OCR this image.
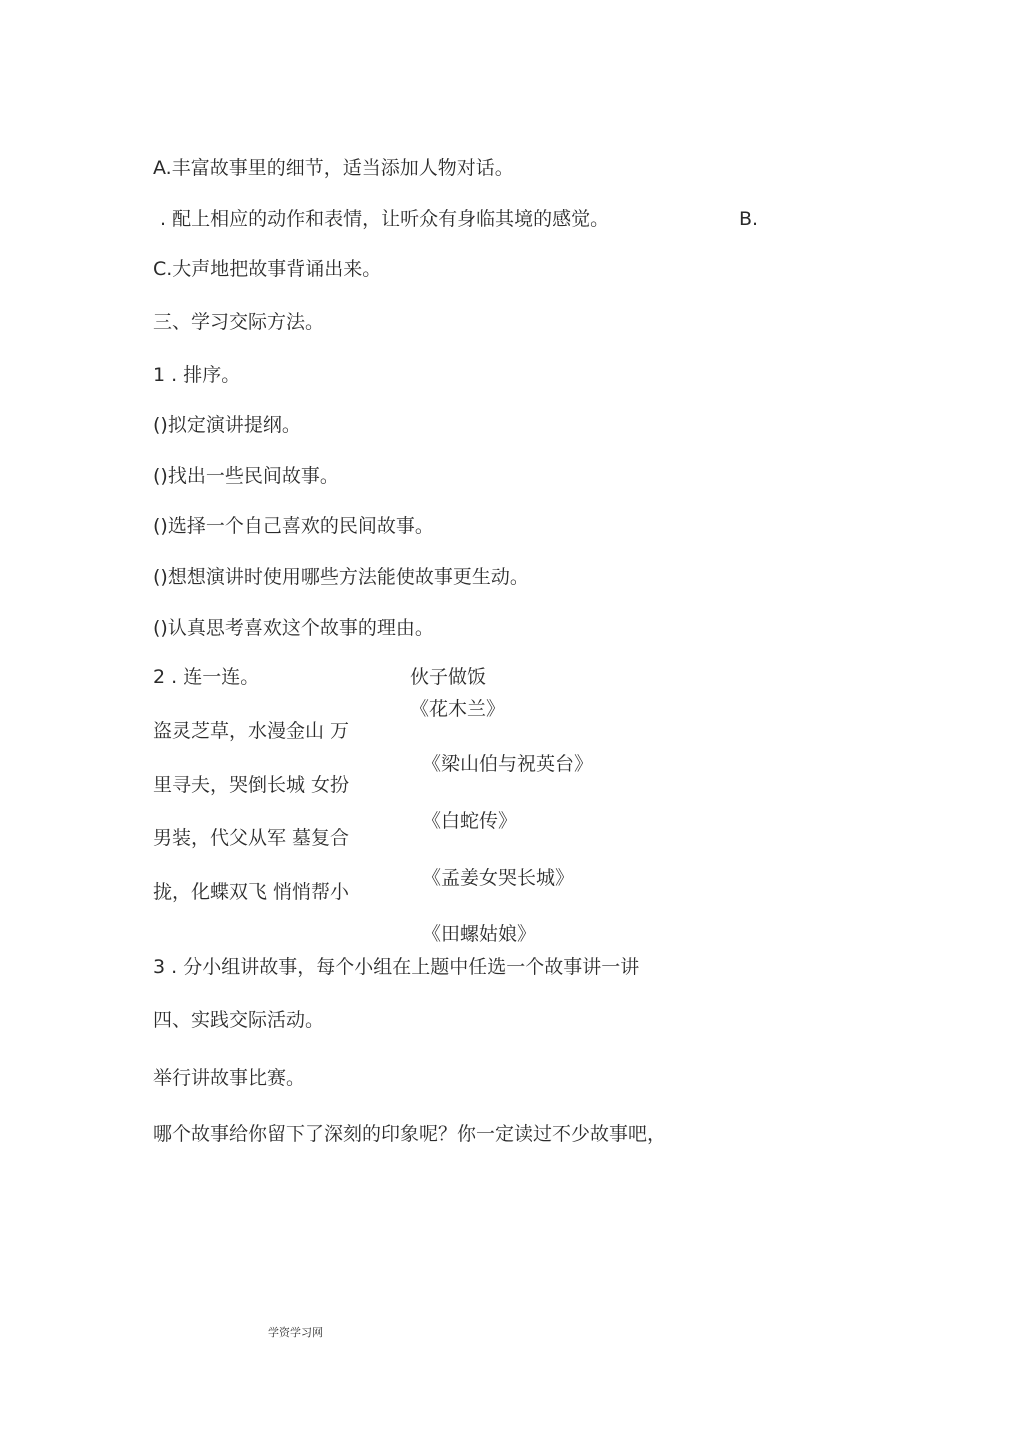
A.丰富故事里的细节，适当添加人物对话。
. 配上相应的动作和表情，让听众有身临其境的感觉。	B.
C.大声地把故事背诵出来。
三、学习交际方法。
1 . 排序。
()拟定演讲提纲。
()找出一些民间故事。
()选择一个自己喜欢的民间故事。
()想想演讲时使用哪些方法能使故事更生动。
()认真思考喜欢这个故事的理由。
2 . 连一连。	伙子做饭
《花木兰》
盗灵芝草，水漫金山 万
《梁山伯与祝英台》
里寻夫，哭倒长城 女扮
《白蛇传》
男装，代父从军 墓复合
《孟姜女哭长城》
拢，化蝶双飞 悄悄帮小
《田螺姑娘》
3 . 分小组讲故事，每个小组在上题中任选一个故事讲一讲
四、实践交际活动。
举行讲故事比赛。
哪个故事给你留下了深刻的印象呢？你一定读过不少故事吧，
学资学习网
